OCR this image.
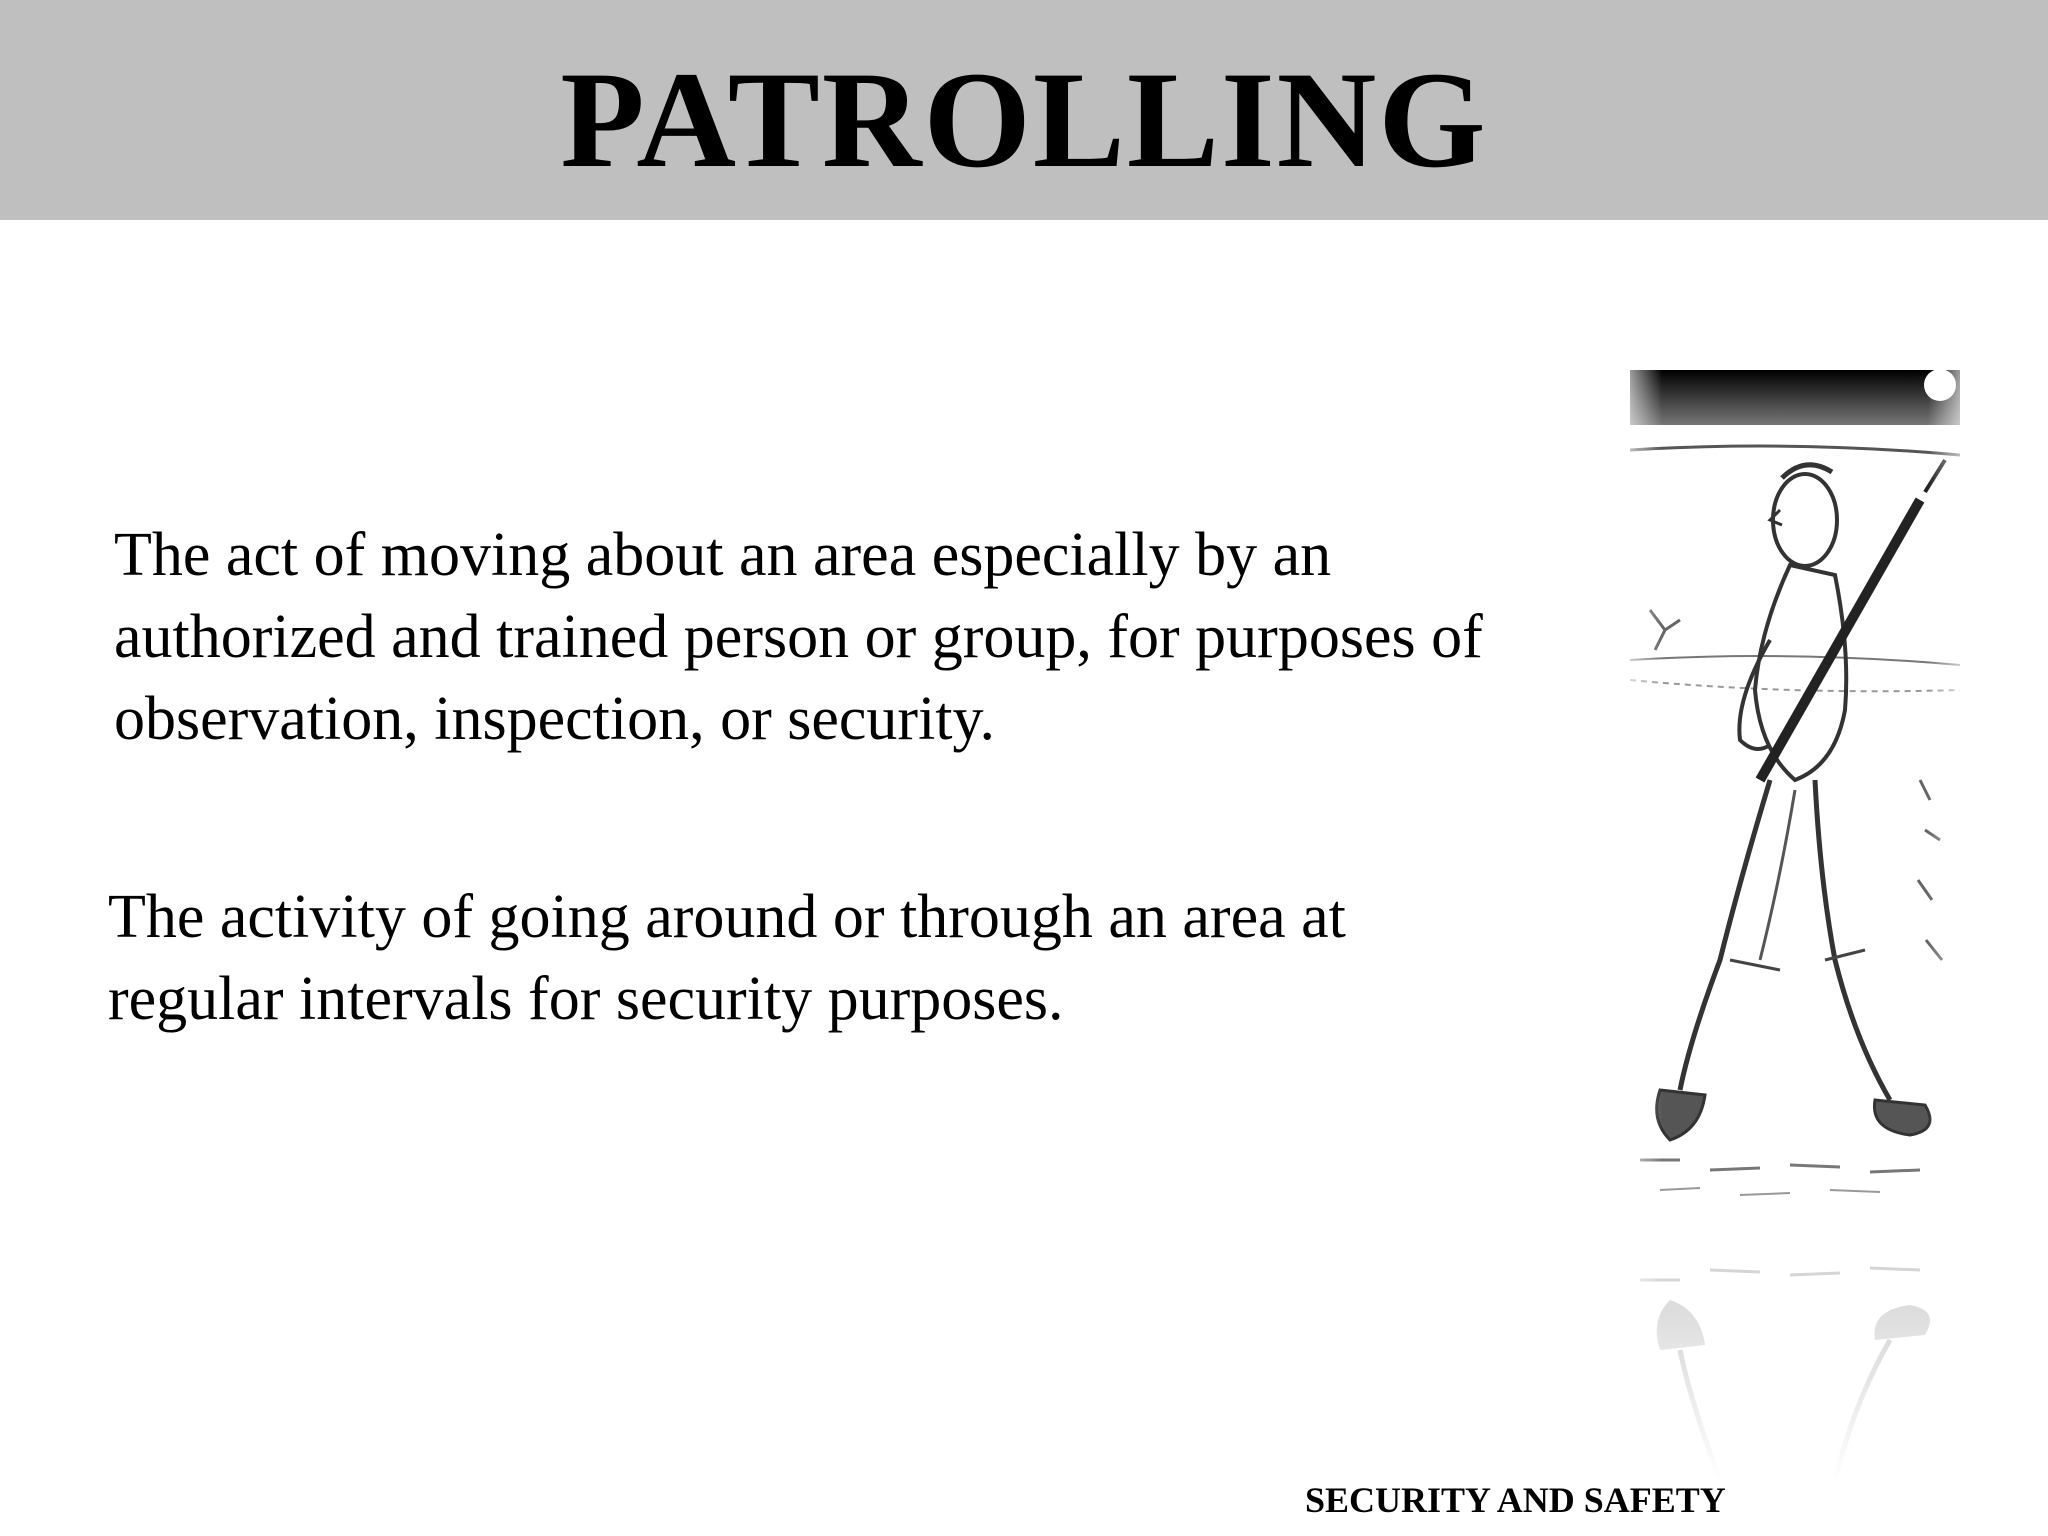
PATROLLING

The act of moving about an area especially by an
authorized and trained person or group, for purposes of
observation, inspection, or security.

The activity of going around or through an area at
regular intervals for security purposes.

SECURITY AND SAFETY
